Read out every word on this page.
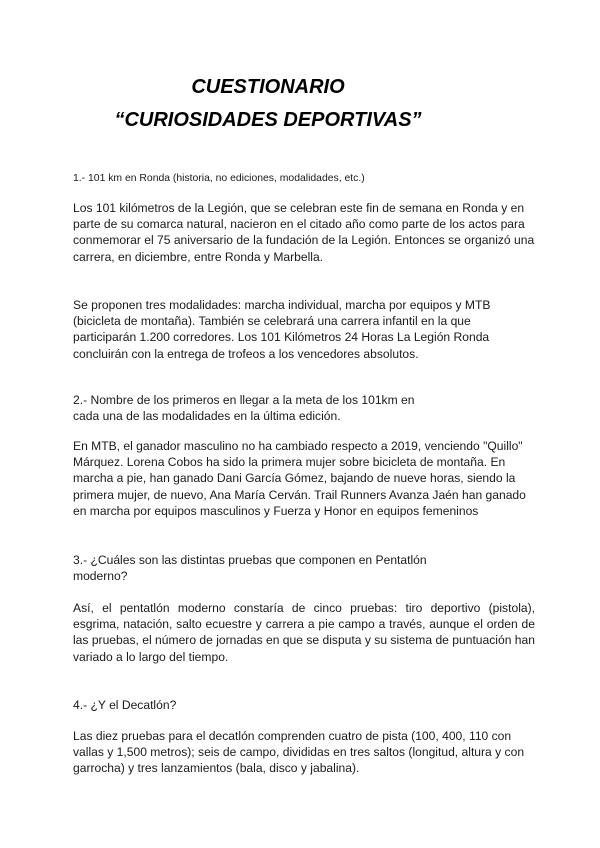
CUESTIONARIO
“CURIOSIDADES DEPORTIVAS”

1.- 101 km en Ronda (historia, no ediciones, modalidades, etc.)

Los 101 kilómetros de la Legión, que se celebran este fin de semana en Ronda y en parte de su comarca natural, nacieron en el citado año como parte de los actos para conmemorar el 75 aniversario de la fundación de la Legión. Entonces se organizó una carrera, en diciembre, entre Ronda y Marbella.

Se proponen tres modalidades: marcha individual, marcha por equipos y MTB (bicicleta de montaña). También se celebrará una carrera infantil en la que participarán 1.200 corredores. Los 101 Kilómetros 24 Horas La Legión Ronda concluirán con la entrega de trofeos a los vencedores absolutos.

2.- Nombre de los primeros en llegar a la meta de los 101km en

cada una de las modalidades en la última edición.

En MTB, el ganador masculino no ha cambiado respecto a 2019, venciendo "Quillo" Márquez. Lorena Cobos ha sido la primera mujer sobre bicicleta de montaña. En marcha a pie, han ganado Dani García Gómez, bajando de nueve horas, siendo la primera mujer, de nuevo, Ana María Cerván. Trail Runners Avanza Jaén han ganado en marcha por equipos masculinos y Fuerza y Honor en equipos femeninos

3.- ¿Cuáles son las distintas pruebas que componen en Pentatlón

moderno?

Así, el pentatlón moderno constaría de cinco pruebas: tiro deportivo (pistola), esgrima, natación, salto ecuestre y carrera a pie campo a través, aunque el orden de las pruebas, el número de jornadas en que se disputa y su sistema de puntuación han variado a lo largo del tiempo.

4.- ¿Y el Decatlón?

Las diez pruebas para el decatlón comprenden cuatro de pista (100, 400, 110 con vallas y 1,500 metros); seis de campo, divididas en tres saltos (longitud, altura y con garrocha) y tres lanzamientos (bala, disco y jabalina).
